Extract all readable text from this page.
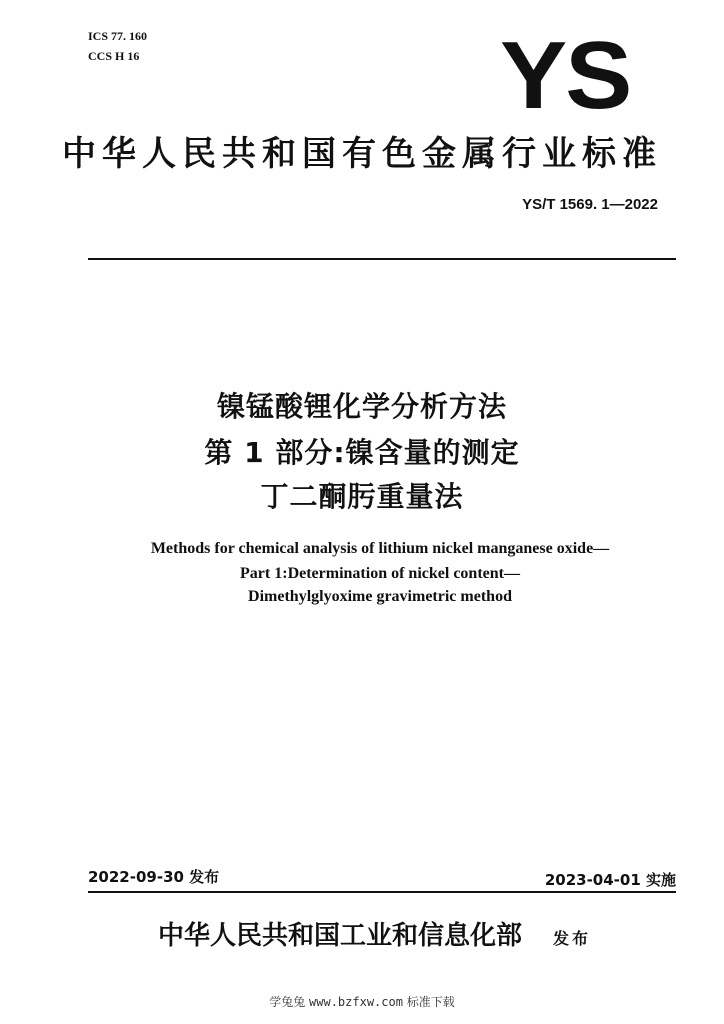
ICS 77. 160
CCS H 16	YS
中华人民共和国有色金属行业标准
YS/T 1569. 1—2022
镍锰酸锂化学分析方法
第 1 部分:镍含量的测定
丁二酮肟重量法
Methods for chemical analysis of lithium nickel manganese oxide—
Part 1:Determination of nickel content—
Dimethylglyoxime gravimetric method
2022-09-30 发布	2023-04-01 实施
中华人民共和国工业和信息化部 发布
学兔兔 www.bzfxw.com 标准下载
